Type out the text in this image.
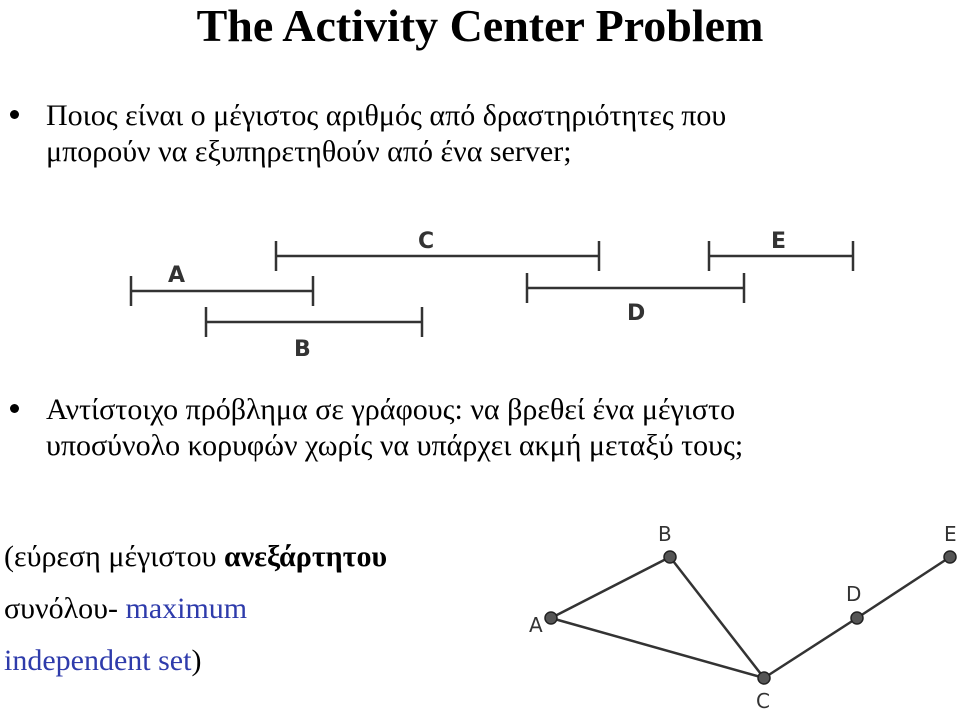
The Activity Center Problem
Ποιος είναι ο μέγιστος αριθμός από δραστηριότητες που
μπορούν να εξυπηρετηθούν από ένα server;
A
B
C
D
E
Αντίστοιχο πρόβλημα σε γράφους: να βρεθεί ένα μέγιστο
υποσύνολο κορυφών χωρίς να υπάρχει ακμή μεταξύ τους;
(εύρεση μέγιστου ανεξάρτητου
συνόλου- maximum
independent set)
A
B
C
D
E
